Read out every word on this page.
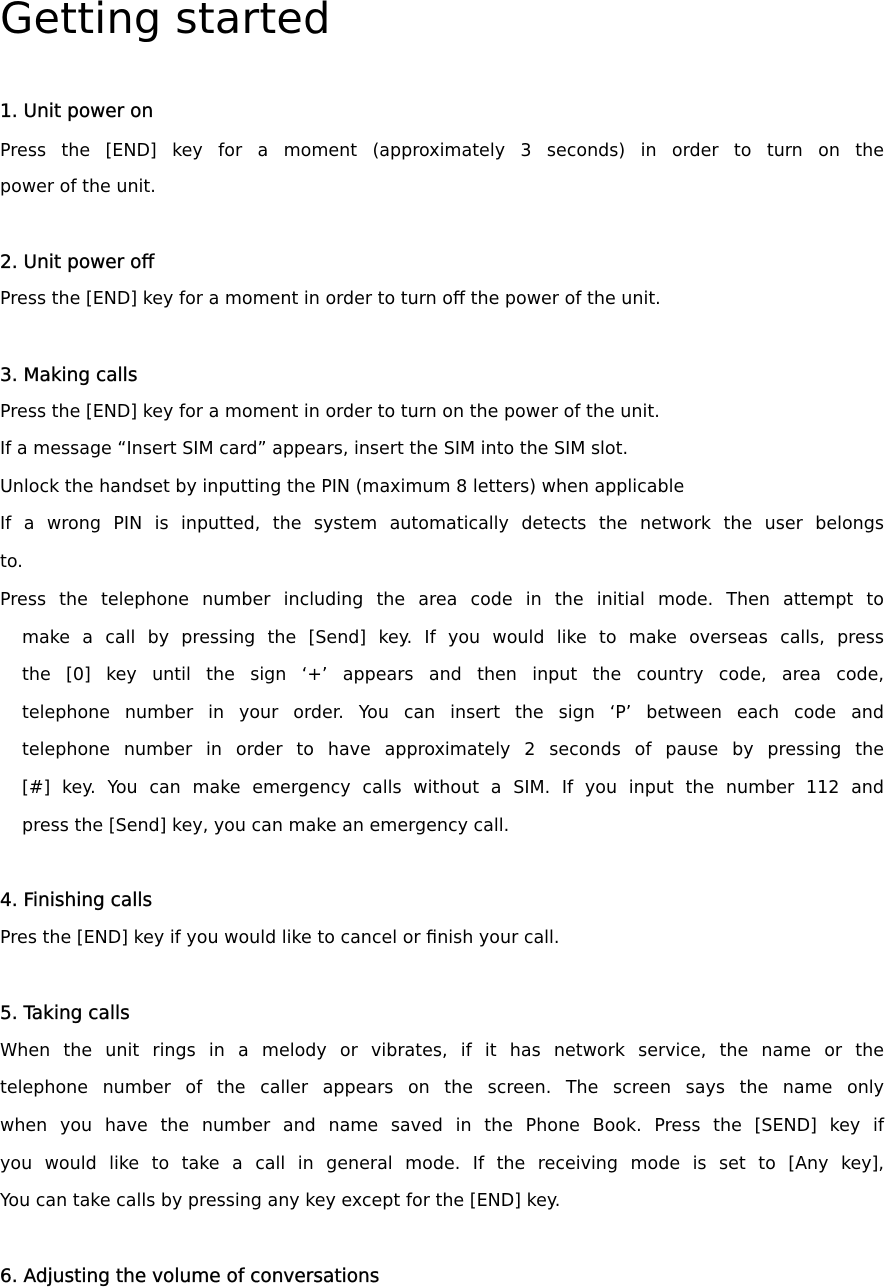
Getting started
1. Unit power on
Press the [END] key for a moment (approximately 3 seconds) in order to turn on the
power of the unit.
2. Unit power off
Press the [END] key for a moment in order to turn off the power of the unit.
3. Making calls
Press the [END] key for a moment in order to turn on the power of the unit.
If a message “Insert SIM card” appears, insert the SIM into the SIM slot.
Unlock the handset by inputting the PIN (maximum 8 letters) when applicable
If a wrong PIN is inputted, the system automatically detects the network the user belongs
to.
Press the telephone number including the area code in the initial mode. Then attempt to
make a call by pressing the [Send] key. If you would like to make overseas calls, press
the [0] key until the sign ‘+’ appears and then input the country code, area code,
telephone number in your order. You can insert the sign ‘P’ between each code and
telephone number in order to have approximately 2 seconds of pause by pressing the
[#] key. You can make emergency calls without a SIM. If you input the number 112 and
press the [Send] key, you can make an emergency call.
4. Finishing calls
Pres the [END] key if you would like to cancel or finish your call.
5. Taking calls
When the unit rings in a melody or vibrates, if it has network service, the name or the
telephone number of the caller appears on the screen. The screen says the name only
when you have the number and name saved in the Phone Book. Press the [SEND] key if
you would like to take a call in general mode. If the receiving mode is set to [Any key],
You can take calls by pressing any key except for the [END] key.
6. Adjusting the volume of conversations
